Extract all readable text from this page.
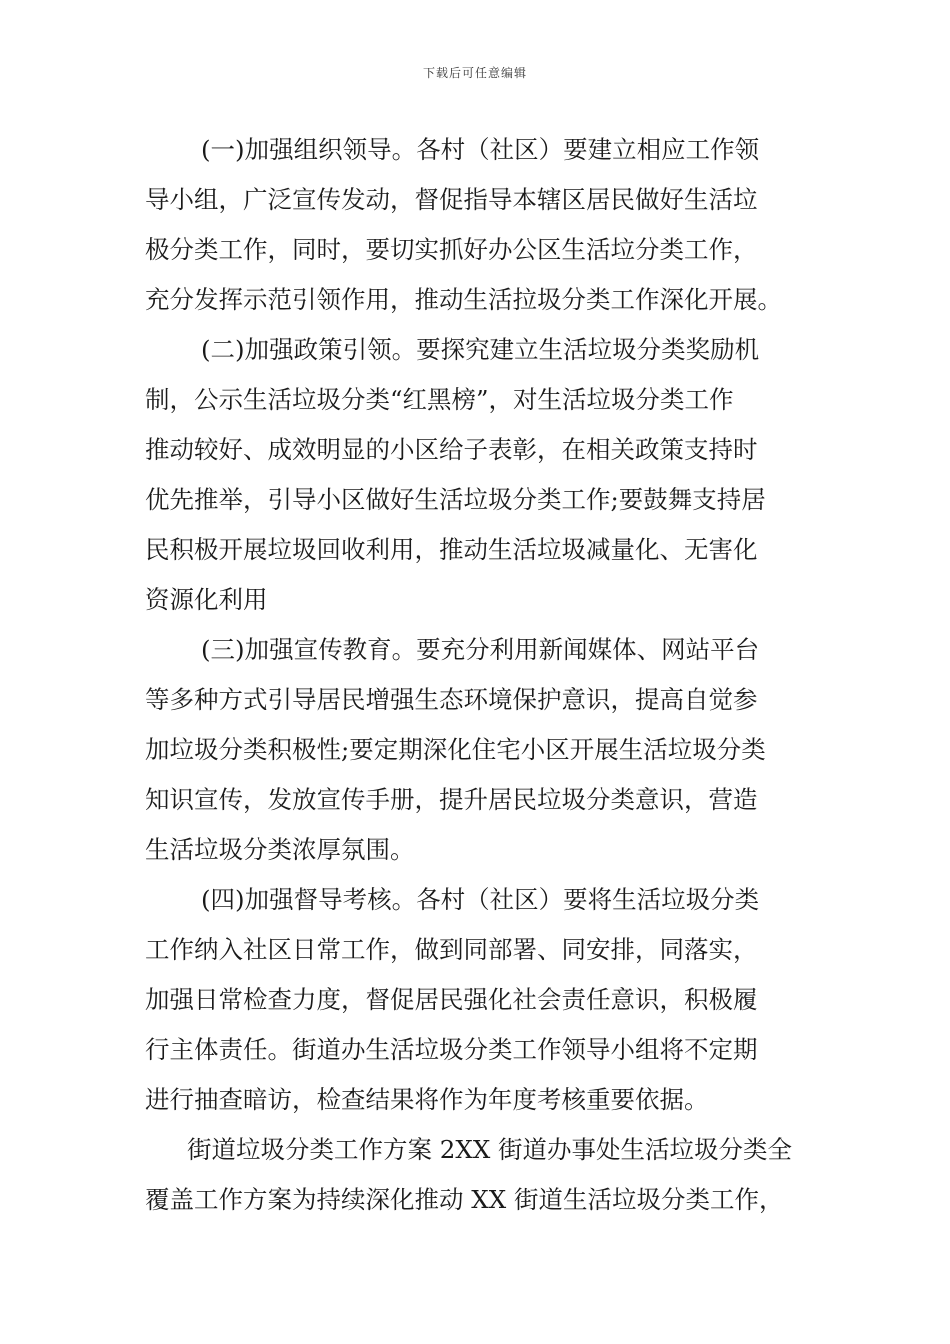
下载后可任意编辑
(一)加强组织领导。各村（社区）要建立相应工作领
导小组，广泛宣传发动，督促指导本辖区居民做好生活垃
极分类工作，同时，要切实抓好办公区生活垃分类工作，
充分发挥示范引领作用，推动生活拉圾分类工作深化开展。
(二)加强政策引领。要探究建立生活垃圾分类奖励机
制，公示生活垃圾分类“红黑榜”，对生活垃圾分类工作
推动较好、成效明显的小区给子表彰，在相关政策支持时
优先推举，引导小区做好生活垃圾分类工作;要鼓舞支持居
民积极开展垃圾回收利用，推动生活垃圾减量化、无害化
资源化利用
(三)加强宣传教育。要充分利用新闻媒体、网站平台
等多种方式引导居民增强生态环境保护意识，提高自觉参
加垃圾分类积极性;要定期深化住宅小区开展生活垃圾分类
知识宣传，发放宣传手册，提升居民垃圾分类意识，营造
生活垃圾分类浓厚氛围。
(四)加强督导考核。各村（社区）要将生活垃圾分类
工作纳入社区日常工作，做到同部署、同安排，同落实，
加强日常检查力度，督促居民强化社会责任意识，积极履
行主体责任。街道办生活垃圾分类工作领导小组将不定期
进行抽查暗访，检查结果将作为年度考核重要依据。
街道垃圾分类工作方案 2XX 街道办事处生活垃圾分类全
覆盖工作方案为持续深化推动 XX 街道生活垃圾分类工作，
